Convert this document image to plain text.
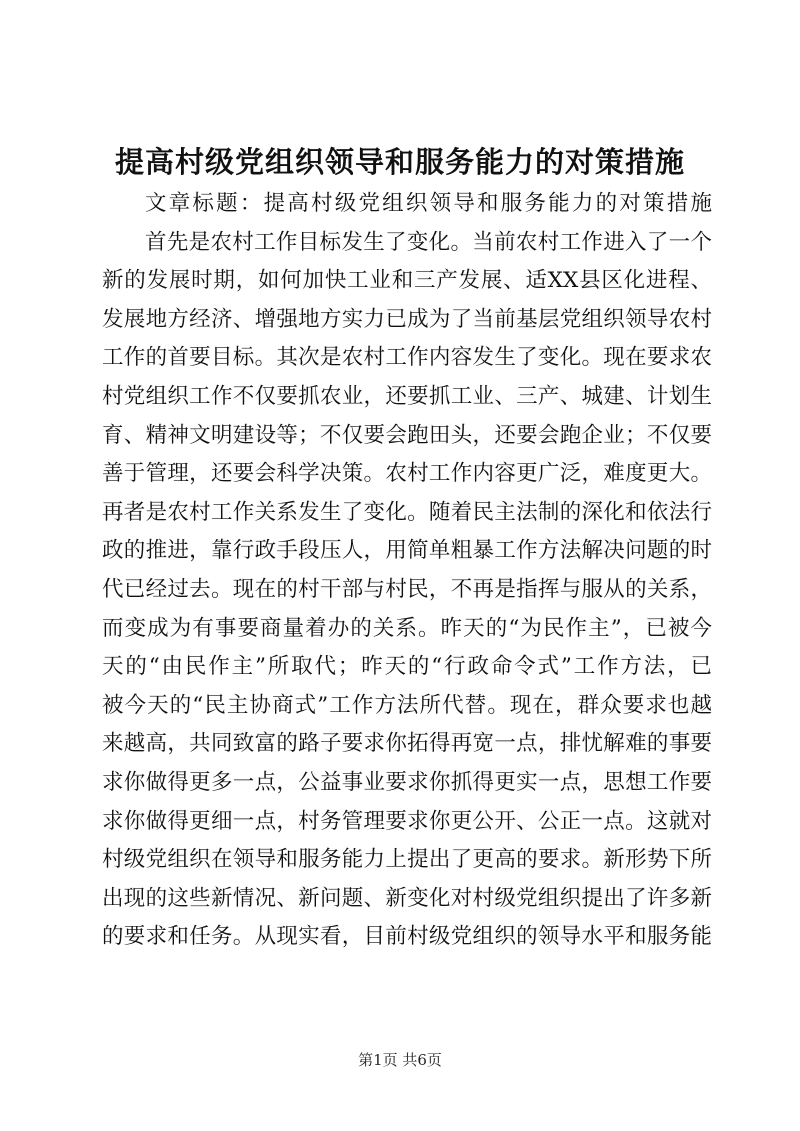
提高村级党组织领导和服务能力的对策措施
文章标题：提高村级党组织领导和服务能力的对策措施
首先是农村工作目标发生了变化。当前农村工作进入了一个
新的发展时期，如何加快工业和三产发展、适XX县区化进程、
发展地方经济、增强地方实力已成为了当前基层党组织领导农村
工作的首要目标。其次是农村工作内容发生了变化。现在要求农
村党组织工作不仅要抓农业，还要抓工业、三产、城建、计划生
育、精神文明建设等；不仅要会跑田头，还要会跑企业；不仅要
善于管理，还要会科学决策。农村工作内容更广泛，难度更大。
再者是农村工作关系发生了变化。随着民主法制的深化和依法行
政的推进，靠行政手段压人，用简单粗暴工作方法解决问题的时
代已经过去。现在的村干部与村民，不再是指挥与服从的关系，
而变成为有事要商量着办的关系。昨天的“为民作主”，已被今
天的“由民作主”所取代；昨天的“行政命令式”工作方法，已
被今天的“民主协商式”工作方法所代替。现在，群众要求也越
来越高，共同致富的路子要求你拓得再宽一点，排忧解难的事要
求你做得更多一点，公益事业要求你抓得更实一点，思想工作要
求你做得更细一点，村务管理要求你更公开、公正一点。这就对
村级党组织在领导和服务能力上提出了更高的要求。新形势下所
出现的这些新情况、新问题、新变化对村级党组织提出了许多新
的要求和任务。从现实看，目前村级党组织的领导水平和服务能
第1页 共6页
